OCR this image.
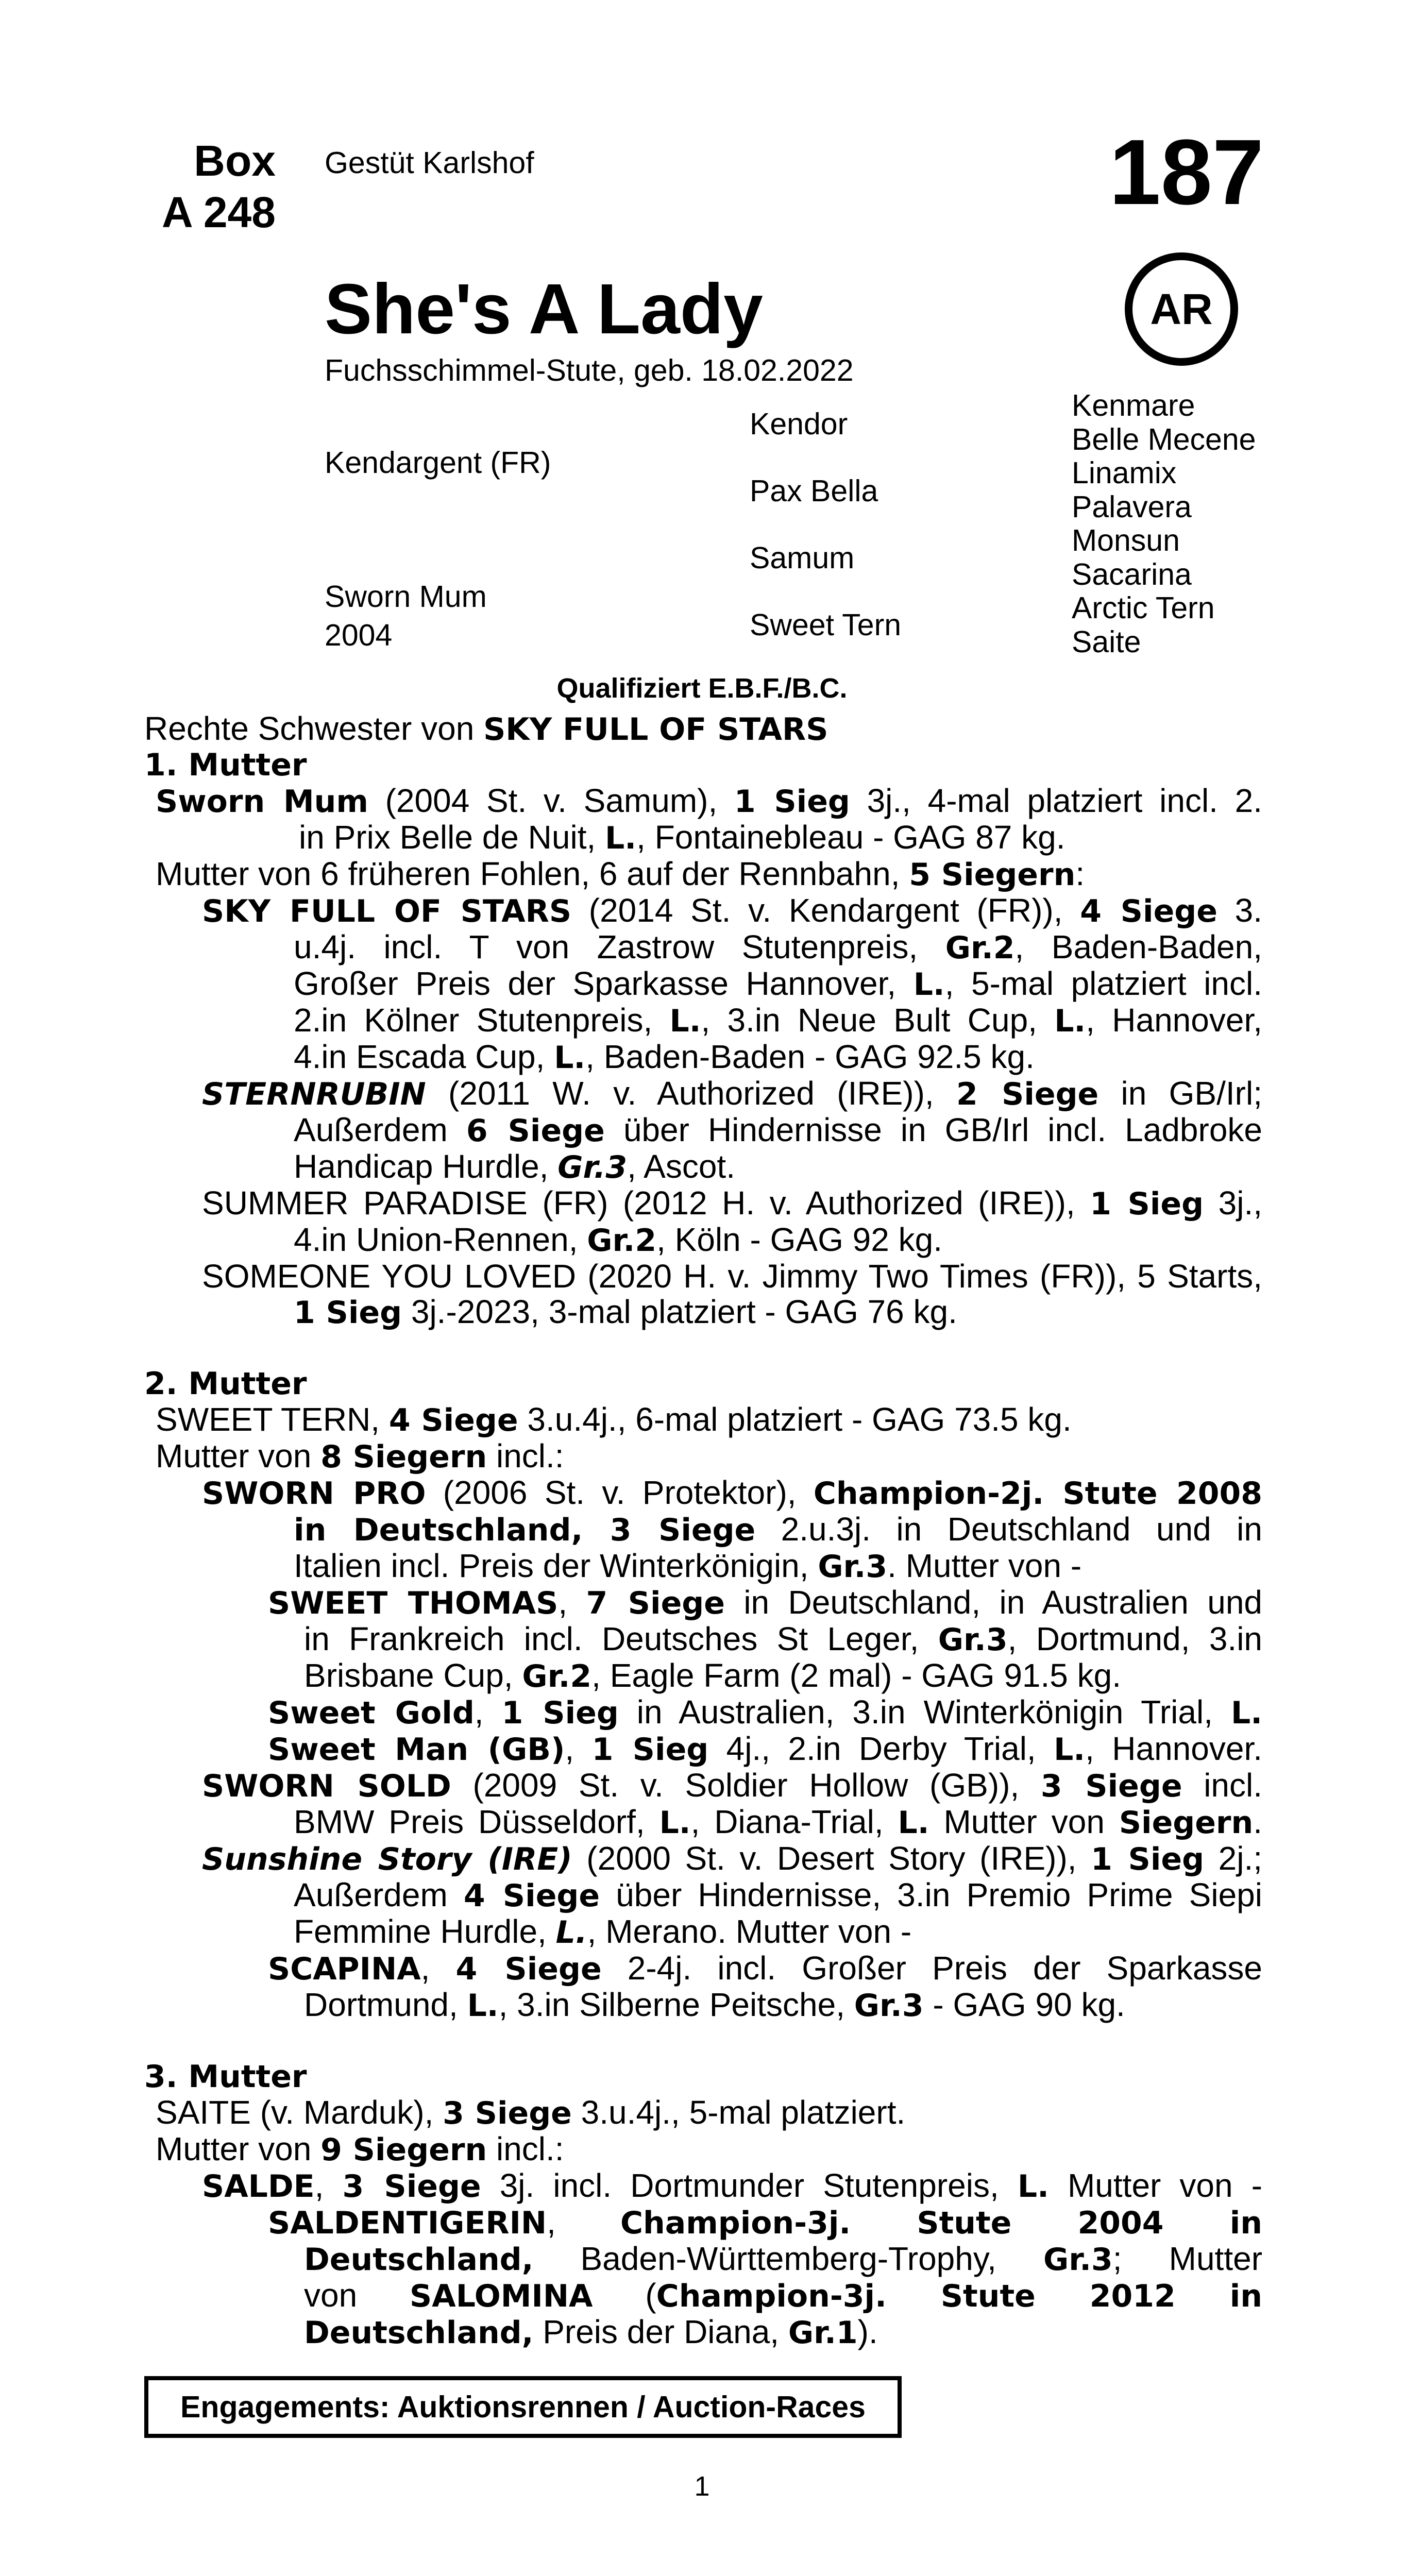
Box
A 248
Gestüt Karlshof	187
AR
She's A Lady
Fuchsschimmel-Stute, geb. 18.02.2022
Kendargent (FR)
Sworn Mum
2004
Kendor
Pax Bella
Samum
Sweet Tern
Kenmare
Belle Mecene
Linamix
Palavera
Monsun
Sacarina
Arctic Tern
Saite
Qualifiziert E.B.F./B.C.

Rechte Schwester von SKY FULL OF STARS

1. Mutter

Sworn Mum (2004 St. v. Samum), 1 Sieg 3j., 4-mal platziert incl. 2.

in Prix Belle de Nuit, L., Fontainebleau - GAG 87 kg.

Mutter von 6 früheren Fohlen, 6 auf der Rennbahn, 5 Siegern:

SKY FULL OF STARS (2014 St. v. Kendargent (FR)), 4 Siege 3.

u.4j. incl. T von Zastrow Stutenpreis, Gr.2, Baden-Baden,

Großer Preis der Sparkasse Hannover, L., 5-mal platziert incl.

2.in Kölner Stutenpreis, L., 3.in Neue Bult Cup, L., Hannover,

4.in Escada Cup, L., Baden-Baden - GAG 92.5 kg.

STERNRUBIN (2011 W. v. Authorized (IRE)), 2 Siege in GB/Irl;

Außerdem 6 Siege über Hindernisse in GB/Irl incl. Ladbroke

Handicap Hurdle, Gr.3, Ascot.

SUMMER PARADISE (FR) (2012 H. v. Authorized (IRE)), 1 Sieg 3j.,

4.in Union-Rennen, Gr.2, Köln - GAG 92 kg.

SOMEONE YOU LOVED (2020 H. v. Jimmy Two Times (FR)), 5 Starts,

1 Sieg 3j.-2023, 3-mal platziert - GAG 76 kg.

2. Mutter

SWEET TERN, 4 Siege 3.u.4j., 6-mal platziert - GAG 73.5 kg.

Mutter von 8 Siegern incl.:

SWORN PRO (2006 St. v. Protektor), Champion-2j. Stute 2008

in Deutschland, 3 Siege 2.u.3j. in Deutschland und in

Italien incl. Preis der Winterkönigin, Gr.3. Mutter von -

SWEET THOMAS, 7 Siege in Deutschland, in Australien und

in Frankreich incl. Deutsches St Leger, Gr.3, Dortmund, 3.in

Brisbane Cup, Gr.2, Eagle Farm (2 mal) - GAG 91.5 kg.

Sweet Gold, 1 Sieg in Australien, 3.in Winterkönigin Trial, L.

Sweet Man (GB), 1 Sieg 4j., 2.in Derby Trial, L., Hannover.

SWORN SOLD (2009 St. v. Soldier Hollow (GB)), 3 Siege incl.

BMW Preis Düsseldorf, L., Diana-Trial, L. Mutter von Siegern.

Sunshine Story (IRE) (2000 St. v. Desert Story (IRE)), 1 Sieg 2j.;

Außerdem 4 Siege über Hindernisse, 3.in Premio Prime Siepi

Femmine Hurdle, L., Merano. Mutter von -

SCAPINA, 4 Siege 2-4j. incl. Großer Preis der Sparkasse

Dortmund, L., 3.in Silberne Peitsche, Gr.3 - GAG 90 kg.

3. Mutter

SAITE (v. Marduk), 3 Siege 3.u.4j., 5-mal platziert.

Mutter von 9 Siegern incl.:

SALDE, 3 Siege 3j. incl. Dortmunder Stutenpreis, L. Mutter von -

SALDENTIGERIN, Champion-3j. Stute 2004 in

Deutschland, Baden-Württemberg-Trophy, Gr.3; Mutter

von SALOMINA (Champion-3j. Stute 2012 in

Deutschland, Preis der Diana, Gr.1).

Engagements: Auktionsrennen / Auction-Races
1
